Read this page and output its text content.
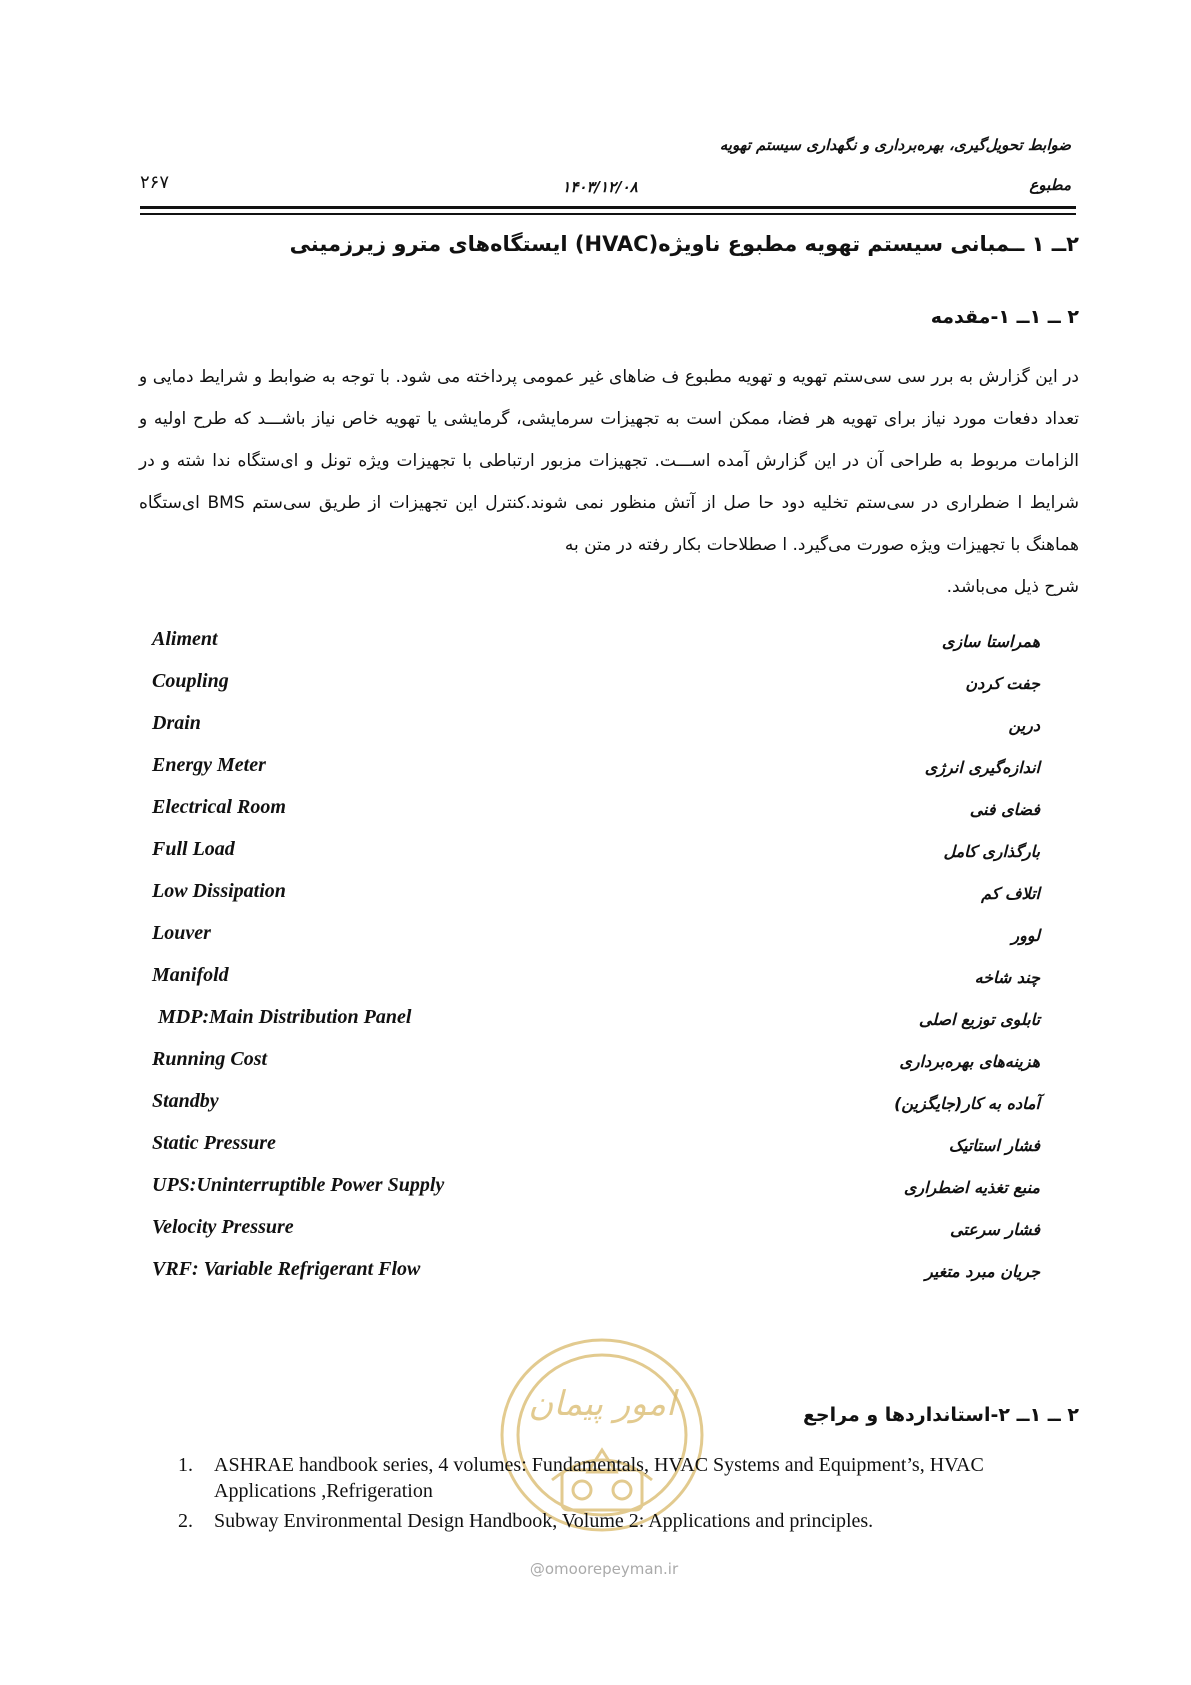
ضوابط تحویل‌گیری، بهره‌برداری و نگهداری سیستم تهویه
مطبوع
۱۴۰۳/۱۲/۰۸
۲۶۷
۲ــ ۱ ــمبانی سیستم تهویه مطبوع ناویژه(HVAC) ایستگاه‌های مترو زیرزمینی
۲ ــ ۱ــ ۱-مقدمه
در این گزارش به برر سی سی‌ستم تهویه و تهویه مطبوع ف ضاهای غیر عمومی پرداخته می شود. با توجه به ضوابط و شرایط دمایی و تعداد دفعات مورد نیاز برای تهویه هر فضا، ممکن است به تجهیزات سرمایشی، گرمایشی یا تهویه خاص نیاز باشـــد که طرح اولیه و الزامات مربوط به طراحی آن در این گزارش آمده اســـت. تجهیزات مزبور ارتباطی با تجهیزات ویژه تونل و ای‌ستگاه ندا شته و در شرایط ا ضطراری در سی‌ستم تخلیه دود حا صل از آتش منظور نمی شوند.کنترل این تجهیزات از طریق سی‌ستم BMS ای‌ستگاه هماهنگ با تجهیزات ویژه صورت می‌گیرد. ا صطلاحات بکار رفته در متن به
شرح ذیل می‌باشد.
Aliment	همراستا سازی
Coupling	جفت کردن
Drain	درین
Energy Meter	اندازه‌گیری انرژی
Electrical Room	فضای فنی
Full Load	بارگذاری کامل
Low Dissipation	اتلاف کم
Louver	لوور
Manifold	چند شاخه
MDP:Main Distribution Panel	تابلوی توزیع اصلی
Running Cost	هزینه‌های بهره‌برداری
Standby	آماده به کار(جایگزین)
Static Pressure	فشار استاتیک
UPS:Uninterruptible Power Supply	منبع تغذیه اضطراری
Velocity Pressure	فشار سرعتی
VRF: Variable Refrigerant Flow	جریان مبرد متغیر
امور پیمان	۲ ــ ۱ــ ۲-استانداردها و مراجع
1. ASHRAE handbook series, 4 volumes: Fundamentals, HVAC Systems and Equipment’s, HVAC Applications ,Refrigeration
2. Subway Environmental Design Handbook, Volume 2: Applications and principles.
@omoorepeyman.ir
